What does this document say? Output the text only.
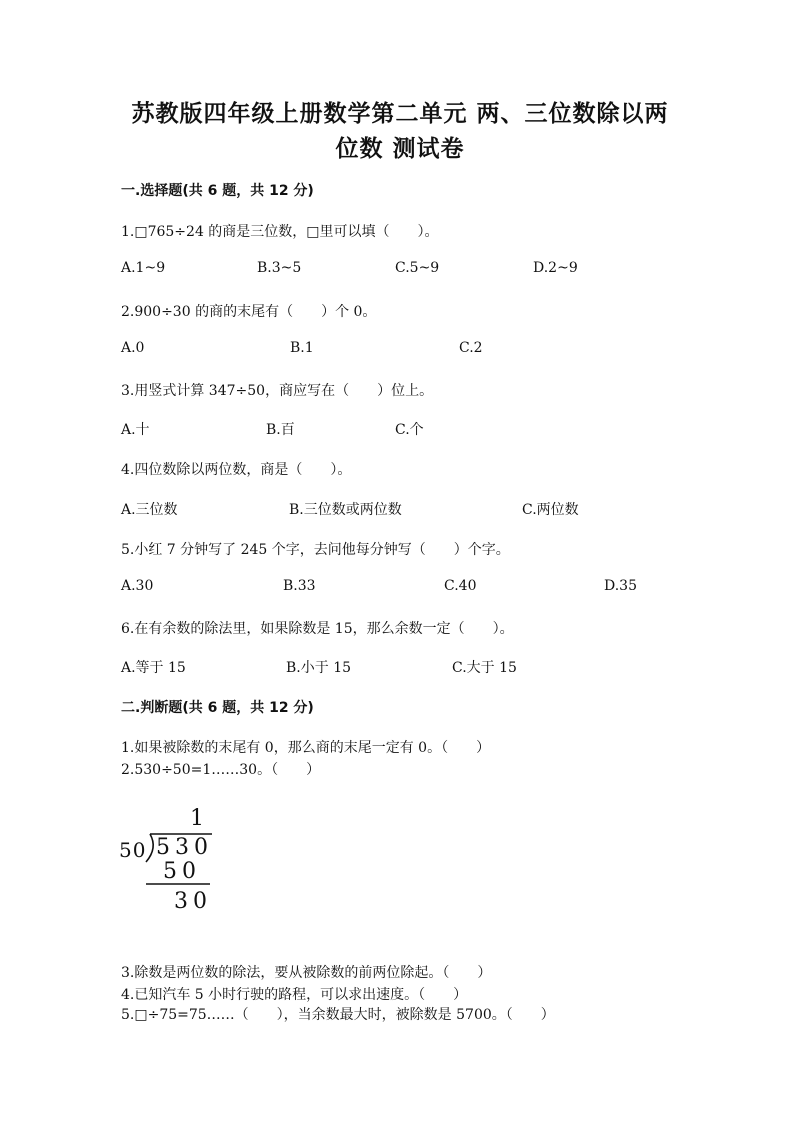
苏教版四年级上册数学第二单元 两、三位数除以两
位数 测试卷
一.选择题(共 6 题，共 12 分)
1.□765÷24 的商是三位数，□里可以填（　　）。
A.1~9	B.3~5	C.5~9	D.2~9
2.900÷30 的商的末尾有（　　）个 0。
A.0	B.1	C.2
3.用竖式计算 347÷50，商应写在（　　）位上。
A.十	B.百	C.个
4.四位数除以两位数，商是（　　）。
A.三位数	B.三位数或两位数	C.两位数
5.小红 7 分钟写了 245 个字，去问他每分钟写（　　）个字。
A.30	B.33	C.40	D.35
6.在有余数的除法里，如果除数是 15，那么余数一定（　　）。
A.等于 15	B.小于 15	C.大于 15
二.判断题(共 6 题，共 12 分)
1.如果被除数的末尾有 0，那么商的末尾一定有 0。（　　）
2.530÷50=1……30。（　　）
1
50 530
50
30
3.除数是两位数的除法，要从被除数的前两位除起。（　　）
4.已知汽车 5 小时行驶的路程，可以求出速度。（　　）
5.□÷75=75……（　　），当余数最大时，被除数是 5700。（　　）
